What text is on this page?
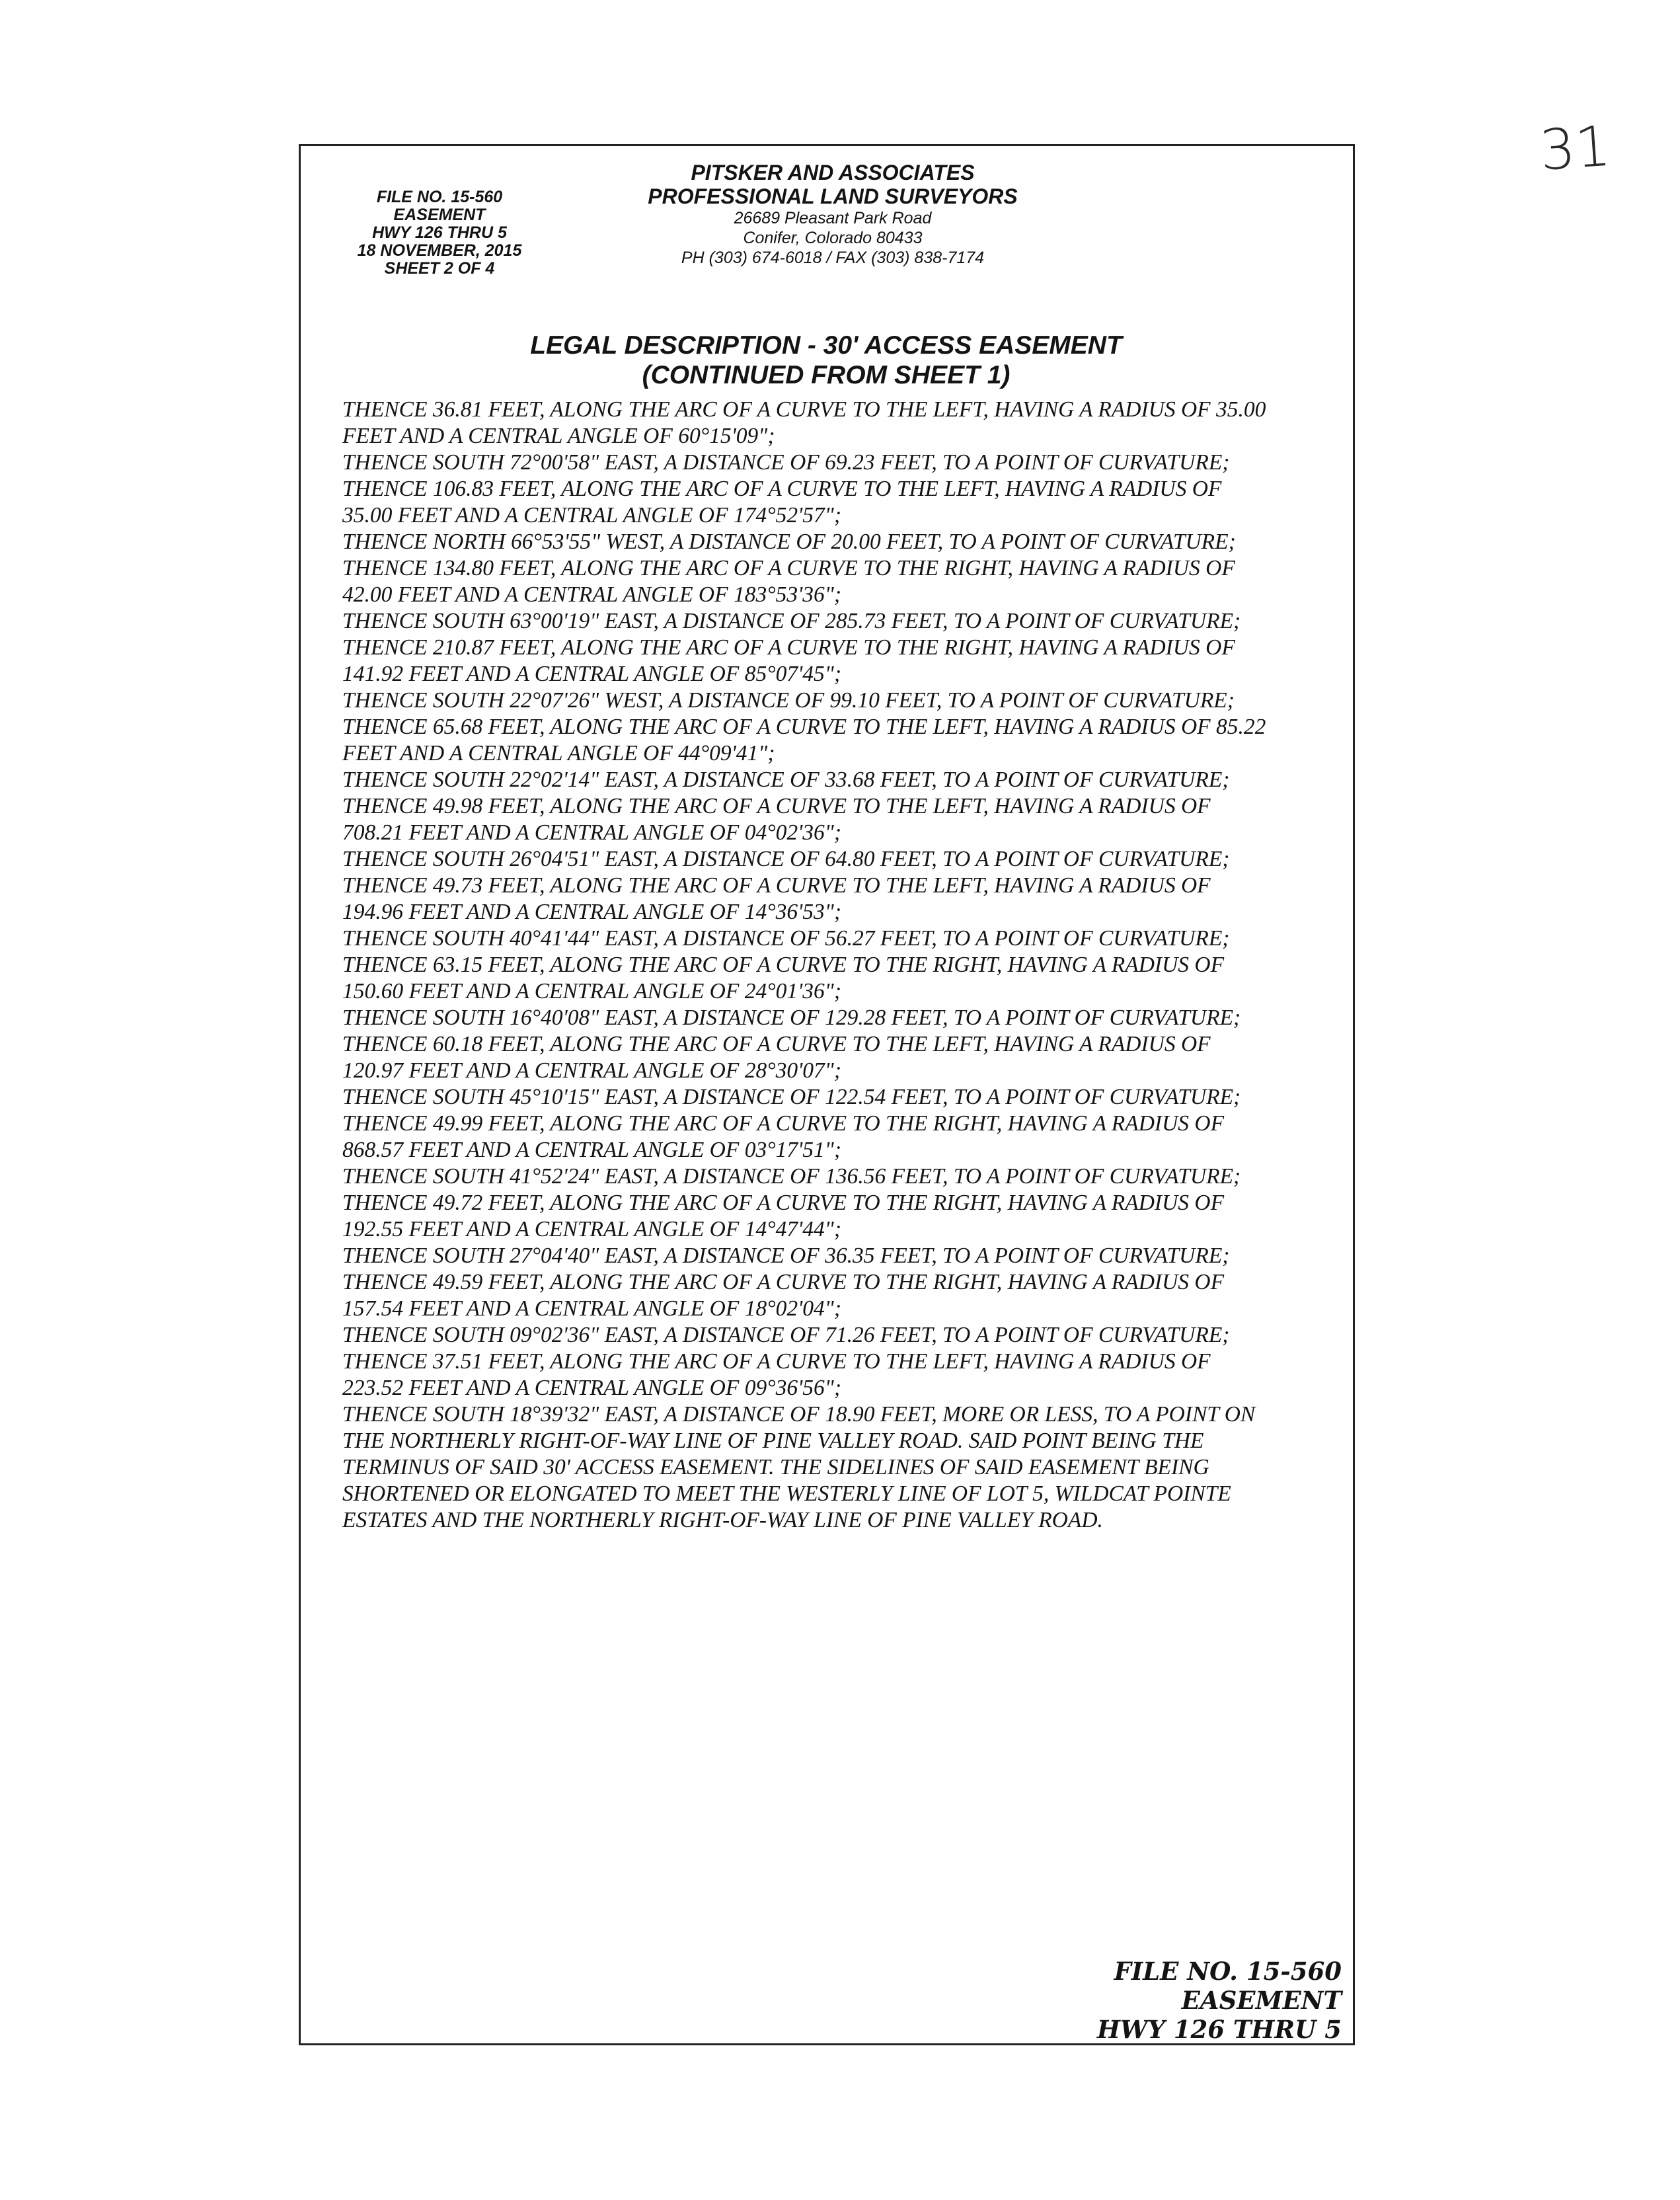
31
FILE NO. 15-560
EASEMENT
HWY 126 THRU 5
18 NOVEMBER, 2015
SHEET 2 OF 4
PITSKER AND ASSOCIATES
PROFESSIONAL LAND SURVEYORS
26689 Pleasant Park Road
Conifer, Colorado 80433
PH (303) 674-6018 / FAX (303) 838-7174
LEGAL DESCRIPTION - 30' ACCESS EASEMENT
(CONTINUED FROM SHEET 1)
THENCE 36.81 FEET, ALONG THE ARC OF A CURVE TO THE LEFT, HAVING A RADIUS OF 35.00
FEET AND A CENTRAL ANGLE OF 60°15'09";
THENCE SOUTH 72°00'58" EAST, A DISTANCE OF 69.23 FEET, TO A POINT OF CURVATURE;
THENCE 106.83 FEET, ALONG THE ARC OF A CURVE TO THE LEFT, HAVING A RADIUS OF
35.00 FEET AND A CENTRAL ANGLE OF 174°52'57";
THENCE NORTH 66°53'55" WEST, A DISTANCE OF 20.00 FEET, TO A POINT OF CURVATURE;
THENCE 134.80 FEET, ALONG THE ARC OF A CURVE TO THE RIGHT, HAVING A RADIUS OF
42.00 FEET AND A CENTRAL ANGLE OF 183°53'36";
THENCE SOUTH 63°00'19" EAST, A DISTANCE OF 285.73 FEET, TO A POINT OF CURVATURE;
THENCE 210.87 FEET, ALONG THE ARC OF A CURVE TO THE RIGHT, HAVING A RADIUS OF
141.92 FEET AND A CENTRAL ANGLE OF 85°07'45";
THENCE SOUTH 22°07'26" WEST, A DISTANCE OF 99.10 FEET, TO A POINT OF CURVATURE;
THENCE 65.68 FEET, ALONG THE ARC OF A CURVE TO THE LEFT, HAVING A RADIUS OF 85.22
FEET AND A CENTRAL ANGLE OF 44°09'41";
THENCE SOUTH 22°02'14" EAST, A DISTANCE OF 33.68 FEET, TO A POINT OF CURVATURE;
THENCE 49.98 FEET, ALONG THE ARC OF A CURVE TO THE LEFT, HAVING A RADIUS OF
708.21 FEET AND A CENTRAL ANGLE OF 04°02'36";
THENCE SOUTH 26°04'51" EAST, A DISTANCE OF 64.80 FEET, TO A POINT OF CURVATURE;
THENCE 49.73 FEET, ALONG THE ARC OF A CURVE TO THE LEFT, HAVING A RADIUS OF
194.96 FEET AND A CENTRAL ANGLE OF 14°36'53";
THENCE SOUTH 40°41'44" EAST, A DISTANCE OF 56.27 FEET, TO A POINT OF CURVATURE;
THENCE 63.15 FEET, ALONG THE ARC OF A CURVE TO THE RIGHT, HAVING A RADIUS OF
150.60 FEET AND A CENTRAL ANGLE OF 24°01'36";
THENCE SOUTH 16°40'08" EAST, A DISTANCE OF 129.28 FEET, TO A POINT OF CURVATURE;
THENCE 60.18 FEET, ALONG THE ARC OF A CURVE TO THE LEFT, HAVING A RADIUS OF
120.97 FEET AND A CENTRAL ANGLE OF 28°30'07";
THENCE SOUTH 45°10'15" EAST, A DISTANCE OF 122.54 FEET, TO A POINT OF CURVATURE;
THENCE 49.99 FEET, ALONG THE ARC OF A CURVE TO THE RIGHT, HAVING A RADIUS OF
868.57 FEET AND A CENTRAL ANGLE OF 03°17'51";
THENCE SOUTH 41°52'24" EAST, A DISTANCE OF 136.56 FEET, TO A POINT OF CURVATURE;
THENCE 49.72 FEET, ALONG THE ARC OF A CURVE TO THE RIGHT, HAVING A RADIUS OF
192.55 FEET AND A CENTRAL ANGLE OF 14°47'44";
THENCE SOUTH 27°04'40" EAST, A DISTANCE OF 36.35 FEET, TO A POINT OF CURVATURE;
THENCE 49.59 FEET, ALONG THE ARC OF A CURVE TO THE RIGHT, HAVING A RADIUS OF
157.54 FEET AND A CENTRAL ANGLE OF 18°02'04";
THENCE SOUTH 09°02'36" EAST, A DISTANCE OF 71.26 FEET, TO A POINT OF CURVATURE;
THENCE 37.51 FEET, ALONG THE ARC OF A CURVE TO THE LEFT, HAVING A RADIUS OF
223.52 FEET AND A CENTRAL ANGLE OF 09°36'56";
THENCE SOUTH 18°39'32" EAST, A DISTANCE OF 18.90 FEET, MORE OR LESS, TO A POINT ON
THE NORTHERLY RIGHT-OF-WAY LINE OF PINE VALLEY ROAD. SAID POINT BEING THE
TERMINUS OF SAID 30' ACCESS EASEMENT. THE SIDELINES OF SAID EASEMENT BEING
SHORTENED OR ELONGATED TO MEET THE WESTERLY LINE OF LOT 5, WILDCAT POINTE
ESTATES AND THE NORTHERLY RIGHT-OF-WAY LINE OF PINE VALLEY ROAD.
FILE NO. 15-560
EASEMENT
HWY 126 THRU 5
